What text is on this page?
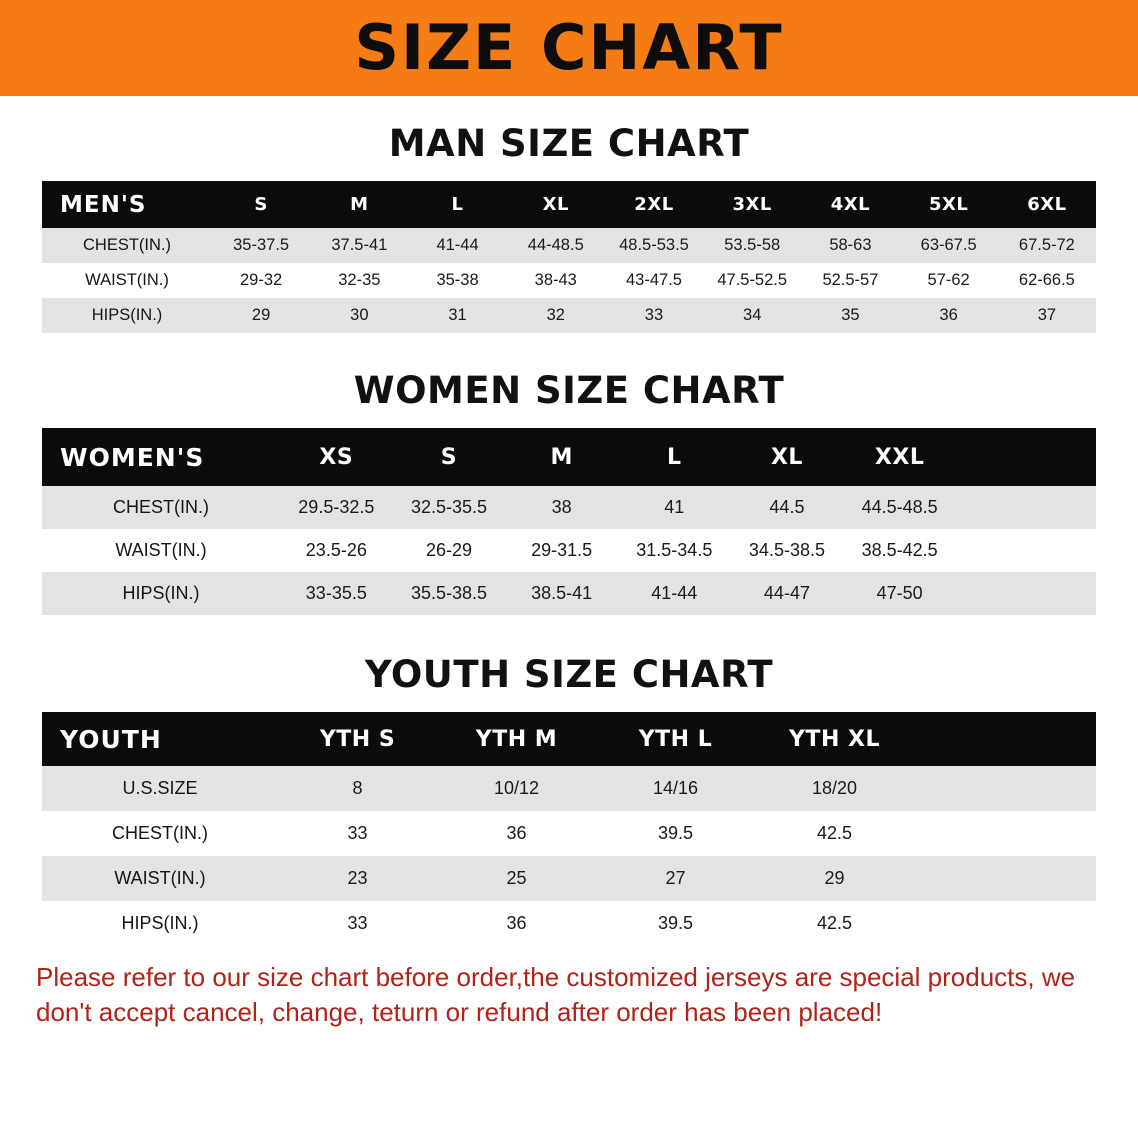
SIZE CHART
MAN SIZE CHART
MEN'S	S	M	L	XL	2XL	3XL	4XL	5XL	6XL
CHEST(IN.)	35-37.5	37.5-41	41-44	44-48.5	48.5-53.5	53.5-58	58-63	63-67.5	67.5-72
WAIST(IN.)	29-32	32-35	35-38	38-43	43-47.5	47.5-52.5	52.5-57	57-62	62-66.5
HIPS(IN.)	29	30	31	32	33	34	35	36	37
WOMEN SIZE CHART
WOMEN'S	XS	S	M	L	XL	XXL	
CHEST(IN.)	29.5-32.5	32.5-35.5	38	41	44.5	44.5-48.5	
WAIST(IN.)	23.5-26	26-29	29-31.5	31.5-34.5	34.5-38.5	38.5-42.5	
HIPS(IN.)	33-35.5	35.5-38.5	38.5-41	41-44	44-47	47-50	
YOUTH SIZE CHART
YOUTH	YTH S	YTH M	YTH L	YTH XL	
U.S.SIZE	8	10/12	14/16	18/20	
CHEST(IN.)	33	36	39.5	42.5	
WAIST(IN.)	23	25	27	29	
HIPS(IN.)	33	36	39.5	42.5	
Please refer to our size chart before order,the customized jerseys are special products, we don't accept cancel, change, teturn or refund after order has been placed!
